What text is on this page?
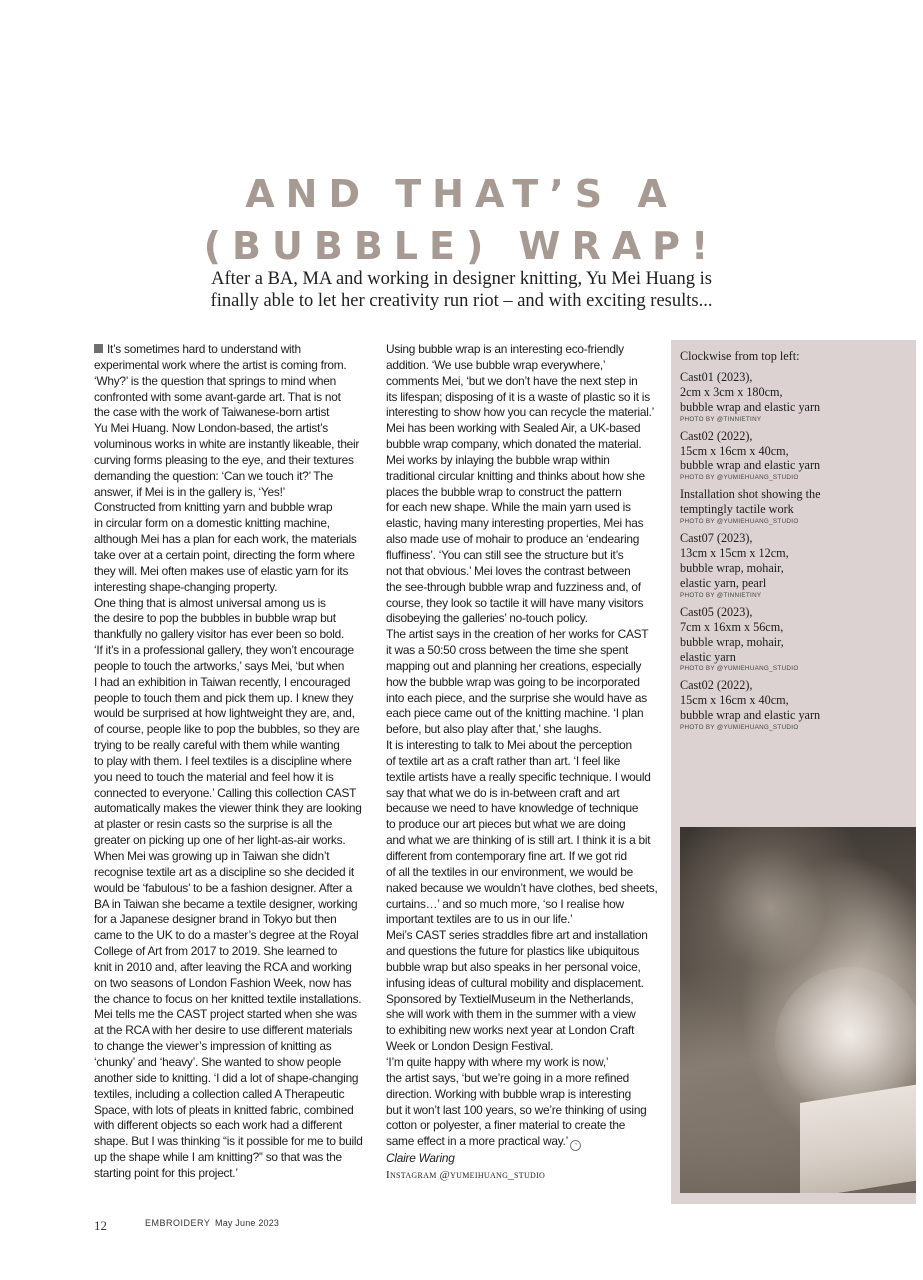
AND THAT’S A
(BUBBLE) WRAP!
After a BA, MA and working in designer knitting, Yu Mei Huang is
finally able to let her creativity run riot – and with exciting results...
It’s sometimes hard to understand with
experimental work where the artist is coming from.
‘Why?’ is the question that springs to mind when
confronted with some avant-garde art. That is not
the case with the work of Taiwanese-born artist
Yu Mei Huang. Now London-based, the artist’s
voluminous works in white are instantly likeable, their
curving forms pleasing to the eye, and their textures
demanding the question: ‘Can we touch it?’ The
answer, if Mei is in the gallery is, ‘Yes!’
Constructed from knitting yarn and bubble wrap
in circular form on a domestic knitting machine,
although Mei has a plan for each work, the materials
take over at a certain point, directing the form where
they will. Mei often makes use of elastic yarn for its
interesting shape-changing property.
One thing that is almost universal among us is
the desire to pop the bubbles in bubble wrap but
thankfully no gallery visitor has ever been so bold.
‘If it’s in a professional gallery, they won’t encourage
people to touch the artworks,’ says Mei, ‘but when
I had an exhibition in Taiwan recently, I encouraged
people to touch them and pick them up. I knew they
would be surprised at how lightweight they are, and,
of course, people like to pop the bubbles, so they are
trying to be really careful with them while wanting
to play with them. I feel textiles is a discipline where
you need to touch the material and feel how it is
connected to everyone.’ Calling this collection CAST
automatically makes the viewer think they are looking
at plaster or resin casts so the surprise is all the
greater on picking up one of her light-as-air works.
When Mei was growing up in Taiwan she didn’t
recognise textile art as a discipline so she decided it
would be ‘fabulous’ to be a fashion designer. After a
BA in Taiwan she became a textile designer, working
for a Japanese designer brand in Tokyo but then
came to the UK to do a master’s degree at the Royal
College of Art from 2017 to 2019. She learned to
knit in 2010 and, after leaving the RCA and working
on two seasons of London Fashion Week, now has
the chance to focus on her knitted textile installations.
Mei tells me the CAST project started when she was
at the RCA with her desire to use different materials
to change the viewer’s impression of knitting as
‘chunky’ and ‘heavy’. She wanted to show people
another side to knitting. ‘I did a lot of shape-changing
textiles, including a collection called A Therapeutic
Space, with lots of pleats in knitted fabric, combined
with different objects so each work had a different
shape. But I was thinking “is it possible for me to build
up the shape while I am knitting?” so that was the
starting point for this project.’
Using bubble wrap is an interesting eco-friendly
addition. ‘We use bubble wrap everywhere,’
comments Mei, ‘but we don’t have the next step in
its lifespan; disposing of it is a waste of plastic so it is
interesting to show how you can recycle the material.’
Mei has been working with Sealed Air, a UK-based
bubble wrap company, which donated the material.
Mei works by inlaying the bubble wrap within
traditional circular knitting and thinks about how she
places the bubble wrap to construct the pattern
for each new shape. While the main yarn used is
elastic, having many interesting properties, Mei has
also made use of mohair to produce an ‘endearing
fluffiness’. ‘You can still see the structure but it’s
not that obvious.’ Mei loves the contrast between
the see-through bubble wrap and fuzziness and, of
course, they look so tactile it will have many visitors
disobeying the galleries’ no-touch policy.
The artist says in the creation of her works for CAST
it was a 50:50 cross between the time she spent
mapping out and planning her creations, especially
how the bubble wrap was going to be incorporated
into each piece, and the surprise she would have as
each piece came out of the knitting machine. ‘I plan
before, but also play after that,’ she laughs.
It is interesting to talk to Mei about the perception
of textile art as a craft rather than art. ‘I feel like
textile artists have a really specific technique. I would
say that what we do is in-between craft and art
because we need to have knowledge of technique
to produce our art pieces but what we are doing
and what we are thinking of is still art. I think it is a bit
different from contemporary fine art. If we got rid
of all the textiles in our environment, we would be
naked because we wouldn’t have clothes, bed sheets,
curtains…’ and so much more, ‘so I realise how
important textiles are to us in our life.’
Mei’s CAST series straddles fibre art and installation
and questions the future for plastics like ubiquitous
bubble wrap but also speaks in her personal voice,
infusing ideas of cultural mobility and displacement.
Sponsored by TextielMuseum in the Netherlands,
she will work with them in the summer with a view
to exhibiting new works next year at London Craft
Week or London Design Festival.
‘I’m quite happy with where my work is now,’
the artist says, ‘but we’re going in a more refined
direction. Working with bubble wrap is interesting
but it won’t last 100 years, so we’re thinking of using
cotton or polyester, a finer material to create the
same effect in a more practical way.’ ◔
Claire Waring
Instagram @yumeihuang_studio
Clockwise from top left:
Cast01 (2023),
2cm x 3cm x 180cm,
bubble wrap and elastic yarn
PHOTO BY @TINNIETINY
Cast02 (2022),
15cm x 16cm x 40cm,
bubble wrap and elastic yarn
PHOTO BY @YUMIEHUANG_STUDIO
Installation shot showing the
temptingly tactile work
PHOTO BY @YUMIEHUANG_STUDIO
Cast07 (2023),
13cm x 15cm x 12cm,
bubble wrap, mohair,
elastic yarn, pearl
PHOTO BY @TINNIETINY
Cast05 (2023),
7cm x 16xm x 56cm,
bubble wrap, mohair,
elastic yarn
PHOTO BY @YUMIEHUANG_STUDIO
Cast02 (2022),
15cm x 16cm x 40cm,
bubble wrap and elastic yarn
PHOTO BY @YUMIEHUANG_STUDIO
12	EMBROIDERY May June 2023
